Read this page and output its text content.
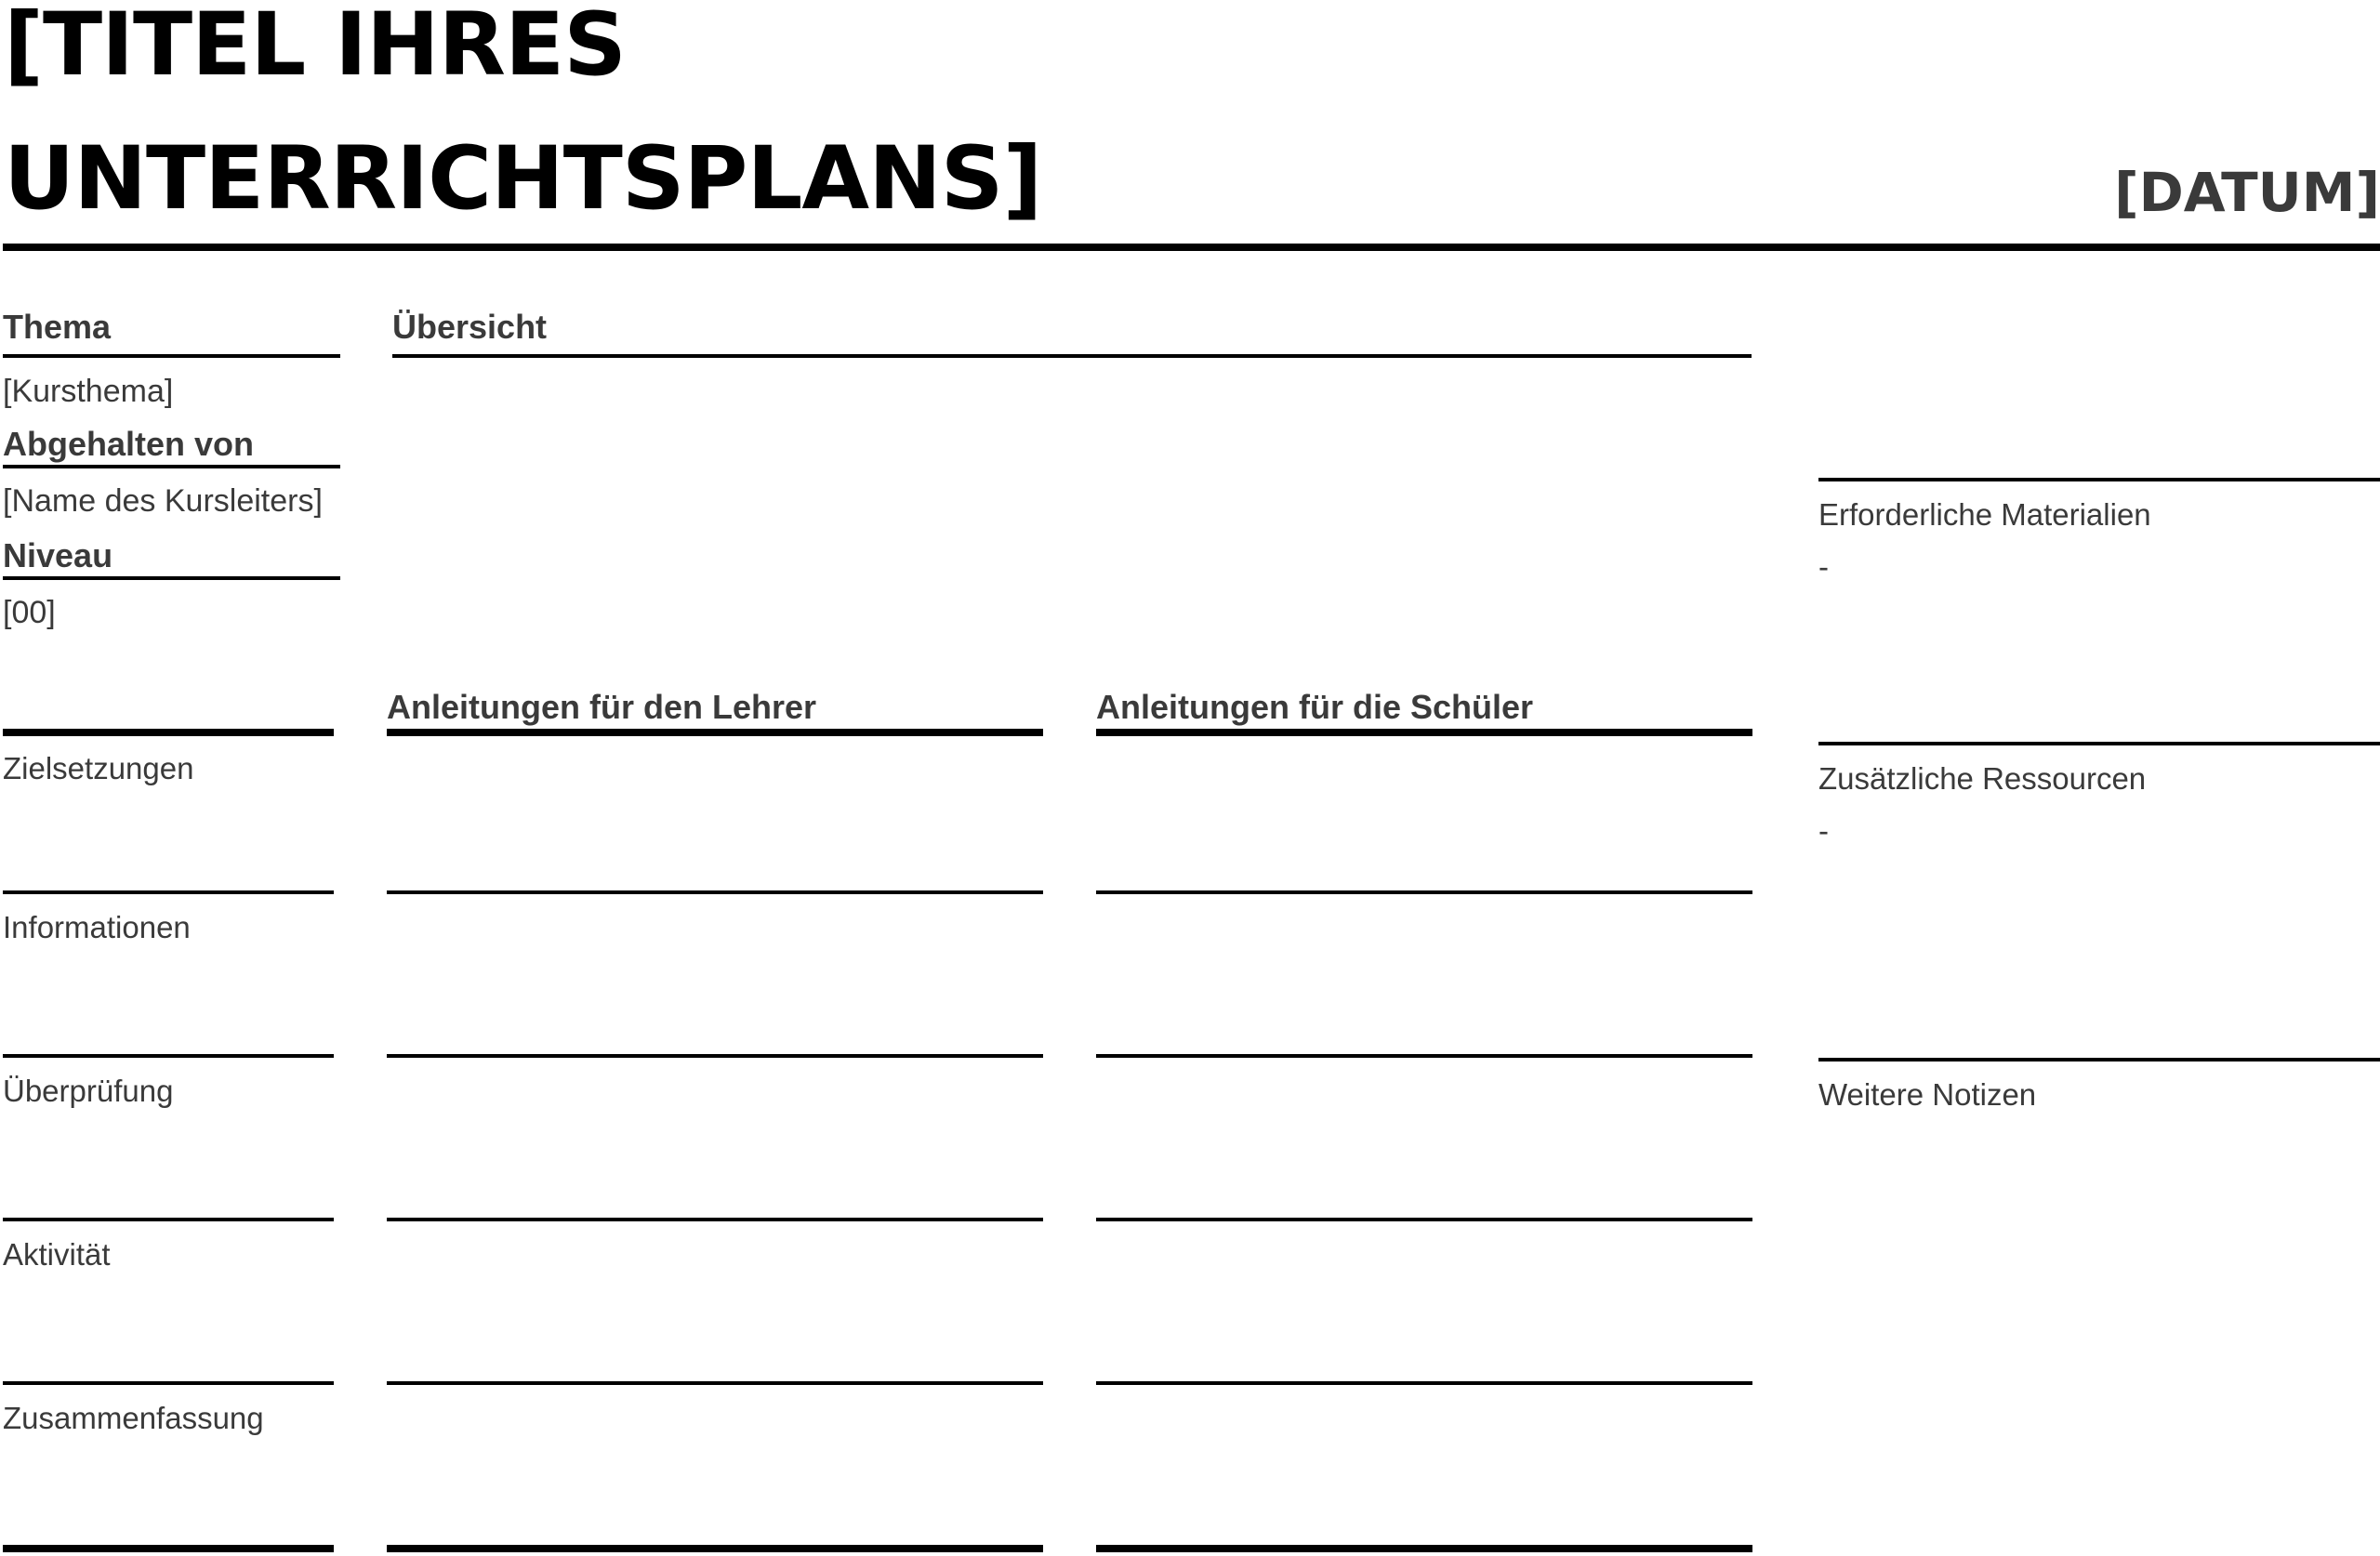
[TITEL IHRES
UNTERRICHTSPLANS]	[DATUM]
Thema
[Kursthema]
Abgehalten von
[Name des Kursleiters]
Niveau
[00]
Übersicht
Erforderliche Materialien
-
Zusätzliche Ressourcen
-
Weitere Notizen
Anleitungen für den Lehrer	Anleitungen für die Schüler
Zielsetzungen
Informationen
Überprüfung
Aktivität
Zusammenfassung
